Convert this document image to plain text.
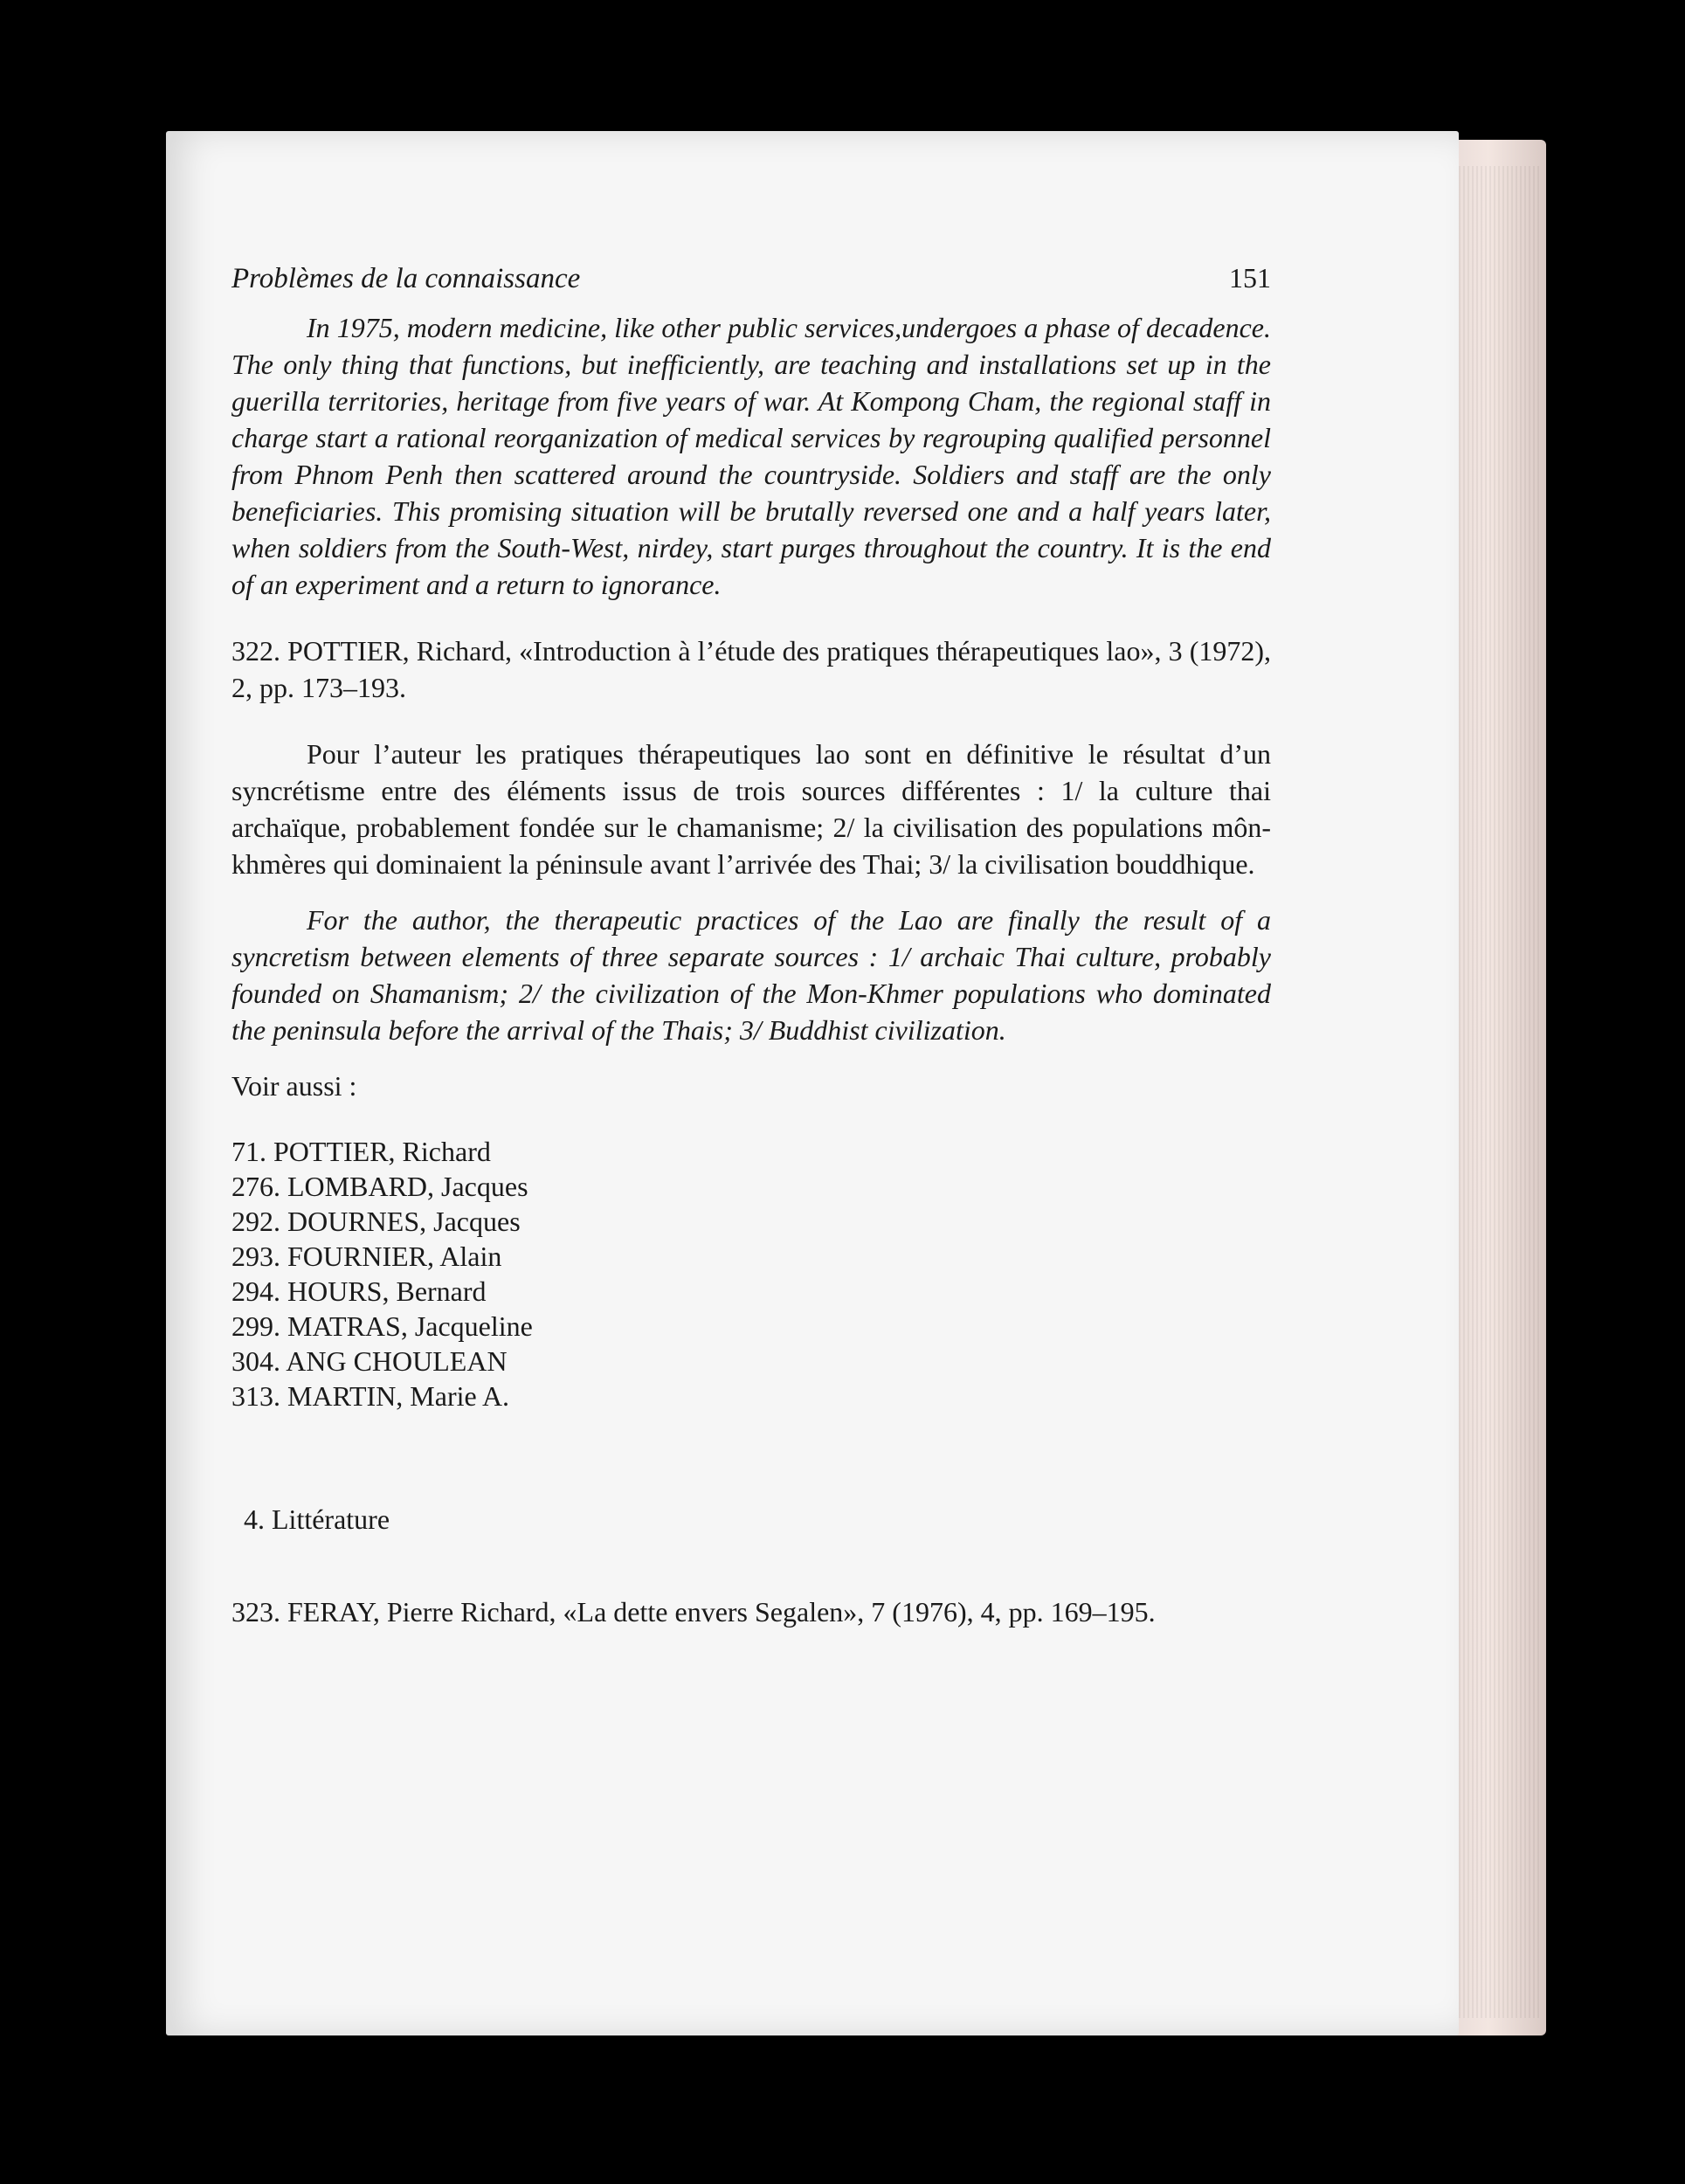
Problèmes de la connaissance	151

In 1975, modern medicine, like other public services,undergoes a phase of decadence. The only thing that functions, but inefficiently, are teaching and installations set up in the guerilla territories, heritage from five years of war. At Kompong Cham, the regional staff in charge start a rational reorganization of medical services by regrouping qualified personnel from Phnom Penh then scattered around the countryside. Soldiers and staff are the only beneficiaries. This promising situation will be brutally reversed one and a half years later, when soldiers from the South-West, nirdey, start purges throughout the country. It is the end of an experiment and a return to ignorance.

322. POTTIER, Richard, «Introduction à l’étude des pratiques thérapeutiques lao», 3 (1972), 2, pp. 173–193.

Pour l’auteur les pratiques thérapeutiques lao sont en définitive le résultat d’un syncrétisme entre des éléments issus de trois sources différentes : 1/ la culture thai archaïque, probablement fondée sur le chamanisme; 2/ la civilisation des populations môn-khmères qui dominaient la péninsule avant l’arrivée des Thai; 3/ la civilisation bouddhique.

For the author, the therapeutic practices of the Lao are finally the result of a syncretism between elements of three separate sources : 1/ archaic Thai culture, probably founded on Shamanism; 2/ the civilization of the Mon-Khmer populations who dominated the peninsula before the arrival of the Thais; 3/ Buddhist civilization.

Voir aussi :
71. POTTIER, Richard
276. LOMBARD, Jacques
292. DOURNES, Jacques
293. FOURNIER, Alain
294. HOURS, Bernard
299. MATRAS, Jacqueline
304. ANG CHOULEAN
313. MARTIN, Marie A.
4. Littérature

323. FERAY, Pierre Richard, «La dette envers Segalen», 7 (1976), 4, pp. 169–195.
